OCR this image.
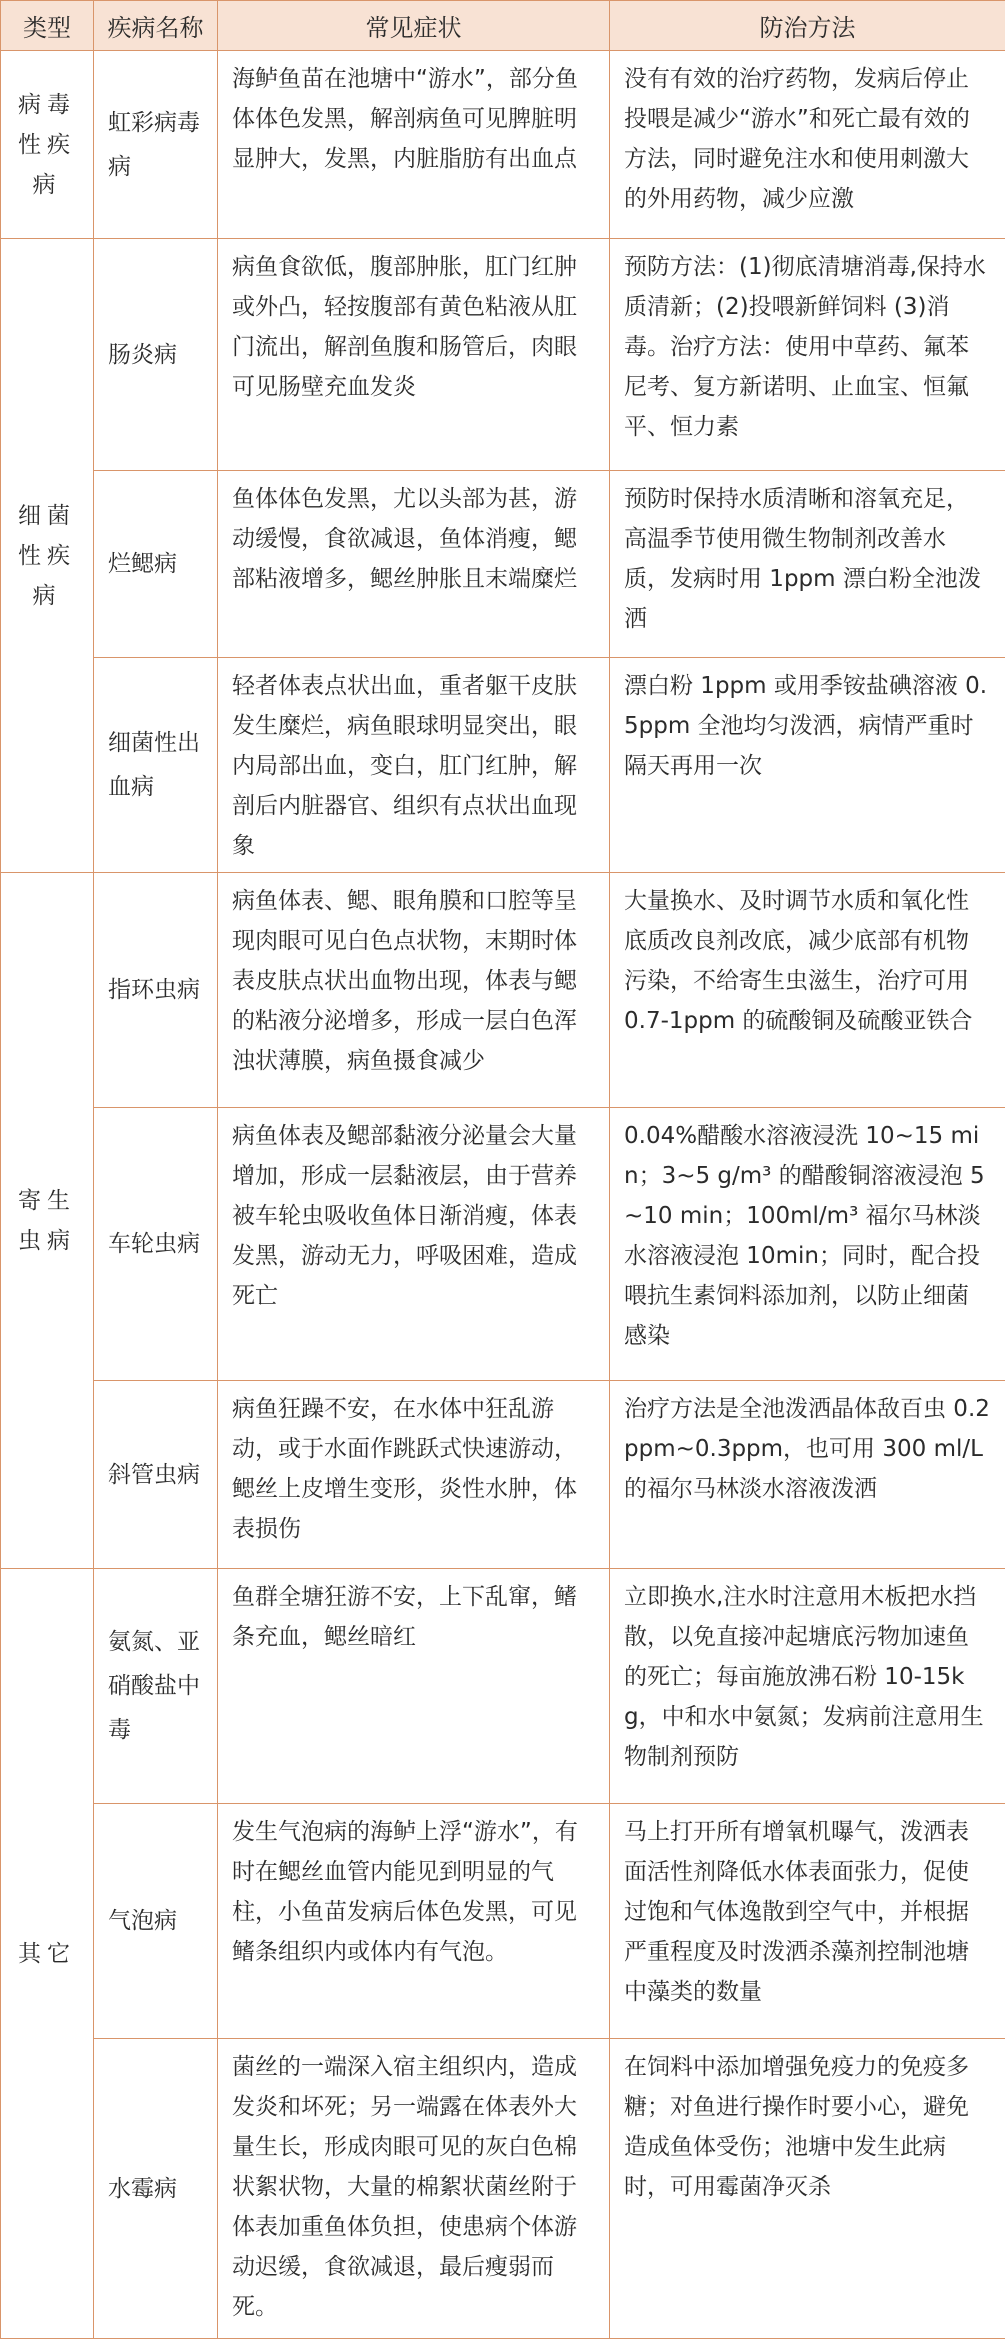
类型	疾病名称	常见症状	防治方法
病毒性疾病	虹彩病毒病	海鲈鱼苗在池塘中“游水”，部分鱼体体色发黑，解剖病鱼可见脾脏明显肿大，发黑，内脏脂肪有出血点	没有有效的治疗药物，发病后停止投喂是减少“游水”和死亡最有效的方法，同时避免注水和使用刺激大的外用药物，减少应激
细菌性疾病	肠炎病	病鱼食欲低，腹部肿胀，肛门红肿或外凸，轻按腹部有黄色粘液从肛门流出，解剖鱼腹和肠管后，肉眼可见肠壁充血发炎	预防方法：(1)彻底清塘消毒,保持水质清新；(2)投喂新鲜饲料 (3)消毒。治疗方法：使用中草药、氟苯尼考、复方新诺明、止血宝、恒氟平、恒力素
	烂鳃病	鱼体体色发黑，尤以头部为甚，游动缓慢，食欲减退，鱼体消瘦，鳃部粘液增多，鳃丝肿胀且末端糜烂	预防时保持水质清晰和溶氧充足，高温季节使用微生物制剂改善水质，发病时用 1ppm 漂白粉全池泼洒
	细菌性出血病	轻者体表点状出血，重者躯干皮肤发生糜烂，病鱼眼球明显突出，眼内局部出血，变白，肛门红肿，解剖后内脏器官、组织有点状出血现象	漂白粉 1ppm 或用季铵盐碘溶液 0.5ppm 全池均匀泼洒，病情严重时隔天再用一次
寄生虫病	指环虫病	病鱼体表、鳃、眼角膜和口腔等呈现肉眼可见白色点状物，末期时体表皮肤点状出血物出现，体表与鳃的粘液分泌增多，形成一层白色浑浊状薄膜，病鱼摄食减少	大量换水、及时调节水质和氧化性底质改良剂改底，减少底部有机物污染，不给寄生虫滋生，治疗可用 0.7-1ppm 的硫酸铜及硫酸亚铁合
	车轮虫病	病鱼体表及鳃部黏液分泌量会大量增加，形成一层黏液层，由于营养被车轮虫吸收鱼体日渐消瘦，体表发黑，游动无力，呼吸困难，造成死亡	0.04%醋酸水溶液浸洗 10~15 min；3~5 g/m³ 的醋酸铜溶液浸泡 5~10 min；100ml/m³ 福尔马林淡水溶液浸泡 10min；同时，配合投喂抗生素饲料添加剂，以防止细菌感染
	斜管虫病	病鱼狂躁不安，在水体中狂乱游动，或于水面作跳跃式快速游动，鳃丝上皮增生变形，炎性水肿，体表损伤	治疗方法是全池泼洒晶体敌百虫 0.2ppm~0.3ppm，也可用 300 ml/L 的福尔马林淡水溶液泼洒
其它	氨氮、亚硝酸盐中毒	鱼群全塘狂游不安，上下乱窜，鳍条充血，鳃丝暗红	立即换水,注水时注意用木板把水挡散，以免直接冲起塘底污物加速鱼的死亡；每亩施放沸石粉 10-15kg，中和水中氨氮；发病前注意用生物制剂预防
	气泡病	发生气泡病的海鲈上浮“游水”，有时在鳃丝血管内能见到明显的气柱，小鱼苗发病后体色发黑，可见鳍条组织内或体内有气泡。	马上打开所有增氧机曝气，泼洒表面活性剂降低水体表面张力，促使过饱和气体逸散到空气中，并根据严重程度及时泼洒杀藻剂控制池塘中藻类的数量
	水霉病	菌丝的一端深入宿主组织内，造成发炎和坏死；另一端露在体表外大量生长，形成肉眼可见的灰白色棉状絮状物，大量的棉絮状菌丝附于体表加重鱼体负担，使患病个体游动迟缓，食欲减退，最后瘦弱而死。	在饲料中添加增强免疫力的免疫多糖；对鱼进行操作时要小心，避免造成鱼体受伤；池塘中发生此病时，可用霉菌净灭杀
